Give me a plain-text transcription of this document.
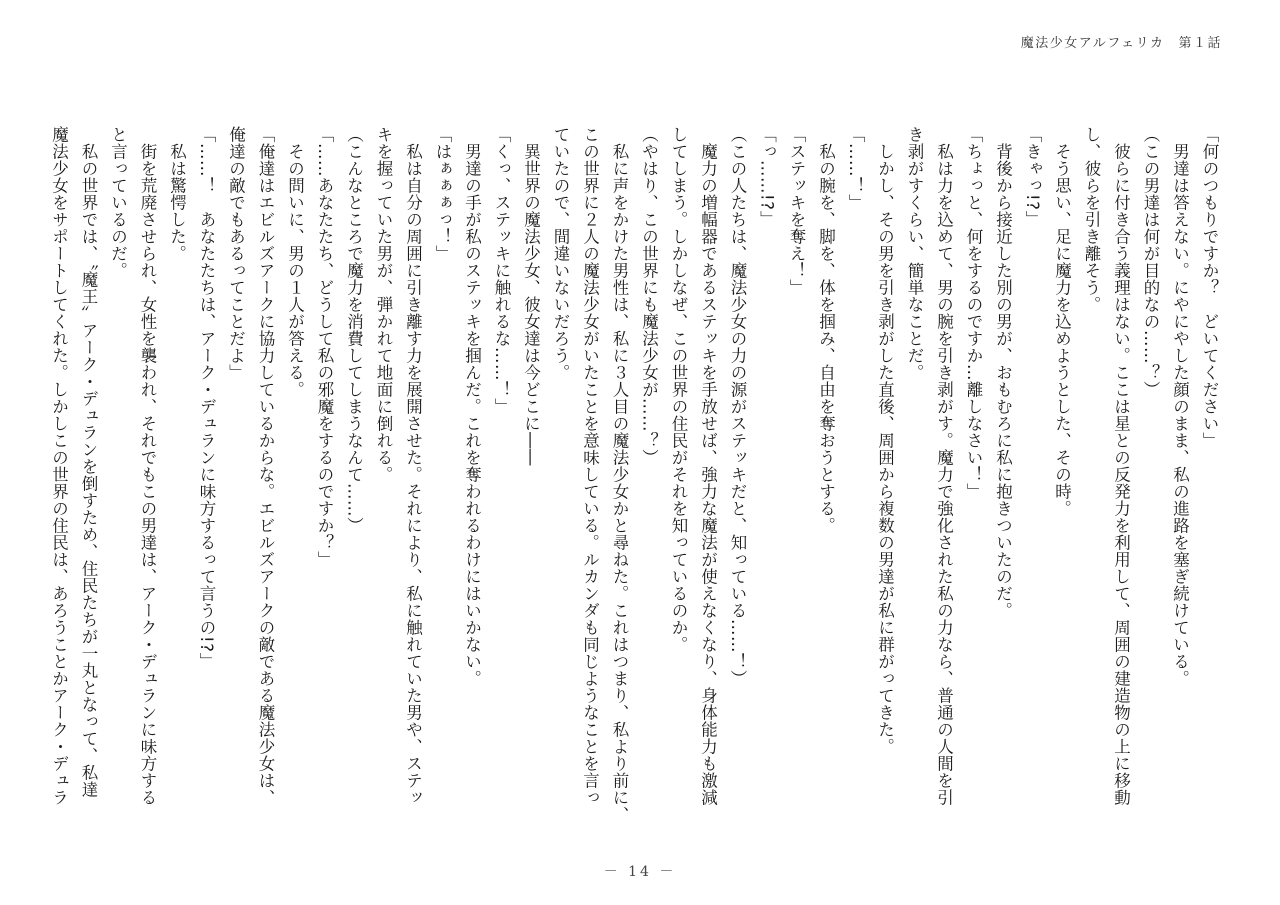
魔法少女アルフェリカ 第１話
「何のつもりですか？　どいてください」
　男達は答えない。にやにやした顔のまま、私の進路を塞ぎ続けている。
（この男達は何が目的なの……？）
　彼らに付き合う義理はない。ここは星との反発力を利用して、周囲の建造物の上に移動
し、彼らを引き離そう。
　そう思い、足に魔力を込めようとした、その時。
「きゃっ!?」
　背後から接近した別の男が、おもむろに私に抱きついたのだ。
「ちょっと、何をするのですか…離しなさい！」
　私は力を込めて、男の腕を引き剥がす。魔力で強化された私の力なら、普通の人間を引
き剥がすくらい、簡単なことだ。
　しかし、その男を引き剥がした直後、周囲から複数の男達が私に群がってきた。
「……！」
　私の腕を、脚を、体を掴み、自由を奪おうとする。
「ステッキを奪え！」
「っ……!?」
（この人たちは、魔法少女の力の源がステッキだと、知っている……！）
　魔力の増幅器であるステッキを手放せば、強力な魔法が使えなくなり、身体能力も激減
してしまう。しかしなぜ、この世界の住民がそれを知っているのか。
（やはり、この世界にも魔法少女が……？）
　私に声をかけた男性は、私に３人目の魔法少女かと尋ねた。これはつまり、私より前に、
この世界に２人の魔法少女がいたことを意味している。ルカンダも同じようなことを言っ
ていたので、間違いないだろう。
　異世界の魔法少女、彼女達は今どこに――
「くっ、ステッキに触れるな……！」
　男達の手が私のステッキを掴んだ。これを奪われるわけにはいかない。
「はぁぁぁっ！」
　私は自分の周囲に引き離す力を展開させた。それにより、私に触れていた男や、ステッ
キを握っていた男が、弾かれて地面に倒れる。
（こんなところで魔力を消費してしまうなんて……）
「……あなたたち、どうして私の邪魔をするのですか？」
　その問いに、男の１人が答える。
「俺達はエビルズアークに協力しているからな。エビルズアークの敵である魔法少女は、
俺達の敵でもあるってことだよ」
「……！　あなたたちは、アーク・デュランに味方するって言うの!?」
　私は驚愕した。
　街を荒廃させられ、女性を襲われ、それでもこの男達は、アーク・デュランに味方する
と言っているのだ。
　私の世界では、〝魔王〟アーク・デュランを倒すため、住民たちが一丸となって、私達
魔法少女をサポートしてくれた。しかしこの世界の住民は、あろうことかアーク・デュラ
－ 14 －
